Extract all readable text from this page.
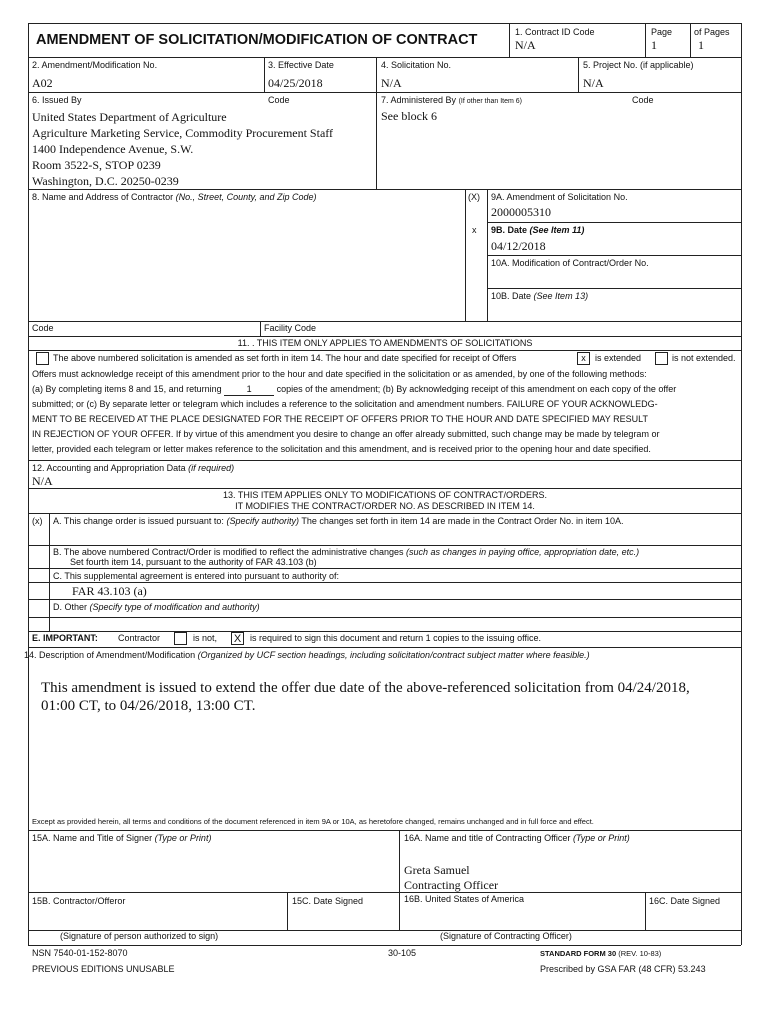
AMENDMENT OF SOLICITATION/MODIFICATION OF CONTRACT	1. Contract ID Code
N/A
Page
1
of Pages
1
2. Amendment/Modification No.
A02
3. Effective Date
04/25/2018
4. Solicitation No.
N/A
5. Project No. (if applicable)
N/A
6. Issued By	Code
United States Department of Agriculture
Agriculture Marketing Service, Commodity Procurement Staff
1400 Independence Avenue, S.W.
Room 3522-S, STOP 0239
Washington, D.C. 20250-0239
7. Administered By (If other than Item 6)	Code
See block 6
8. Name and Address of Contractor (No., Street, County, and Zip Code)	(X) 9A. Amendment of Solicitation No.
2000005310
x 9B. Date (See Item 11)
04/12/2018
10A. Modification of Contract/Order No.
10B. Date (See Item 13)
Code	Facility Code
11. . THIS ITEM ONLY APPLIES TO AMENDMENTS OF SOLICITATIONS
The above numbered solicitation is amended as set forth in item 14. The hour and date specified for receipt of Offers	x	is extended	is not extended.
Offers must acknowledge receipt of this amendment prior to the hour and date specified in the solicitation or as amended, by one of the following methods:
(a) By completing items 8 and 15, and returning	1	copies of the amendment; (b) By acknowledging receipt of this amendment on each copy of the offer
submitted; or (c) By separate letter or telegram which includes a reference to the solicitation and amendment numbers. FAILURE OF YOUR ACKNOWLEDG-
MENT TO BE RECEIVED AT THE PLACE DESIGNATED FOR THE RECEIPT OF OFFERS PRIOR TO THE HOUR AND DATE SPECIFIED MAY RESULT
IN REJECTION OF YOUR OFFER. If by virtue of this amendment you desire to change an offer already submitted, such change may be made by telegram or
letter, provided each telegram or letter makes reference to the solicitation and this amendment, and is received prior to the opening hour and date specified.
12. Accounting and Appropriation Data (if required)
N/A
13. THIS ITEM APPLIES ONLY TO MODIFICATIONS OF CONTRACT/ORDERS.
IT MODIFIES THE CONTRACT/ORDER NO. AS DESCRIBED IN ITEM 14.
(x) A. This change order is issued pursuant to: (Specify authority) The changes set forth in item 14 are made in the Contract Order No. in item 10A.
B. The above numbered Contract/Order is modified to reflect the administrative changes (such as changes in paying office, appropriation date, etc.)
Set fourth item 14, pursuant to the authority of FAR 43.103 (b)
C. This supplemental agreement is entered into pursuant to authority of:
FAR 43.103 (a)
D. Other (Specify type of modification and authority)
E. IMPORTANT: Contractor	is not, X is required to sign this document and return 1 copies to the issuing office.
14. Description of Amendment/Modification (Organized by UCF section headings, including solicitation/contract subject matter where feasible.)
This amendment is issued to extend the offer due date of the above-referenced solicitation from 04/24/2018, 01:00 CT, to 04/26/2018, 13:00 CT.
Except as provided herein, all terms and conditions of the document referenced in item 9A or 10A, as heretofore changed, remains unchanged and in full force and effect.
15A. Name and Title of Signer (Type or Print)	16A. Name and title of Contracting Officer (Type or Print)
Greta Samuel
Contracting Officer
15B. Contractor/Offeror	15C. Date Signed	16B. United States of America	16C. Date Signed
(Signature of person authorized to sign)	(Signature of Contracting Officer)
NSN 7540-01-152-8070	30-105	STANDARD FORM 30 (REV. 10-83)
PREVIOUS EDITIONS UNUSABLE	Prescribed by GSA FAR (48 CFR) 53.243
